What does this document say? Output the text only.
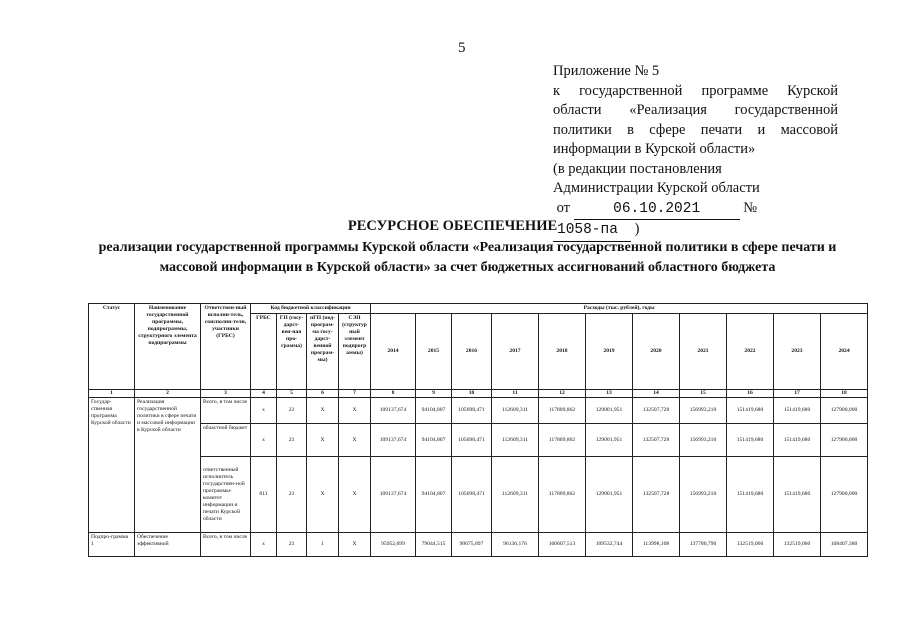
5
Приложение № 5
к государственной программе Курской
области «Реализация государственной
политики в сфере печати и массовой
информации в Курской области»
(в редакции постановления
Администрации Курской области
от	06.10.2021	№ 1058-па )
РЕСУРСНОЕ ОБЕСПЕЧЕНИЕ
реализации государственной программы Курской области «Реализация государственной политики в сфере печати и массовой информации в Курской области» за счет бюджетных ассигнований областного бюджета
Статус	Наименование государственной программы, подпрограммы, структурного элемента подпрограммы	Ответствен-ный исполни-тель, соисполни-тели, участники (ГРБС)	Код бюджетной классификации				Расходы (тыс. рублей), годы										
			ГРБС	ГП (госу-дарст-вен-ная про-грамма)	пГП (под-програм-ма госу-дарст-венной програм-мы)	СЭП (структур ный элемент подпрогр аммы)	2014	2015	2016	2017	2018	2019	2020	2021	2022	2023	2024
1	2	3	4	5	6	7	8	9	10	11	12	13	14	15	16	17	18
Государ-ственная программа Курской области	Реализация государственной политики в сфере печати и массовой информации в Курской области	Всего, в том числе	х	23	Х	Х	109137,674	94104,807	105698,471	112609,311	117809,862	129001,951	132507,728	156993,210	151419,680	151419,680	127900,000
		областной бюджет	х	23	Х	Х	109137,674	94104,807	105698,471	112609,311	117809,862	129001,951	132507,728	156993,210	151419,680	151419,680	127900,000
		ответственный исполнитель государствен-ной программы-комитет информации и печати Курской области	811	23	Х	Х	109137,674	94104,807	105698,471	112609,311	117809,862	129001,951	132507,728	156993,210	151419,680	151419,680	127900,000
Подпро-грамма 1	Обеспечение эффективной	Всего, в том числе	х	23	1	Х	95952,699	79044,515	90675,897	96136,176	100607,513	109532,744	113998,108	137780,790	132519,060	132519,060	108407,380
